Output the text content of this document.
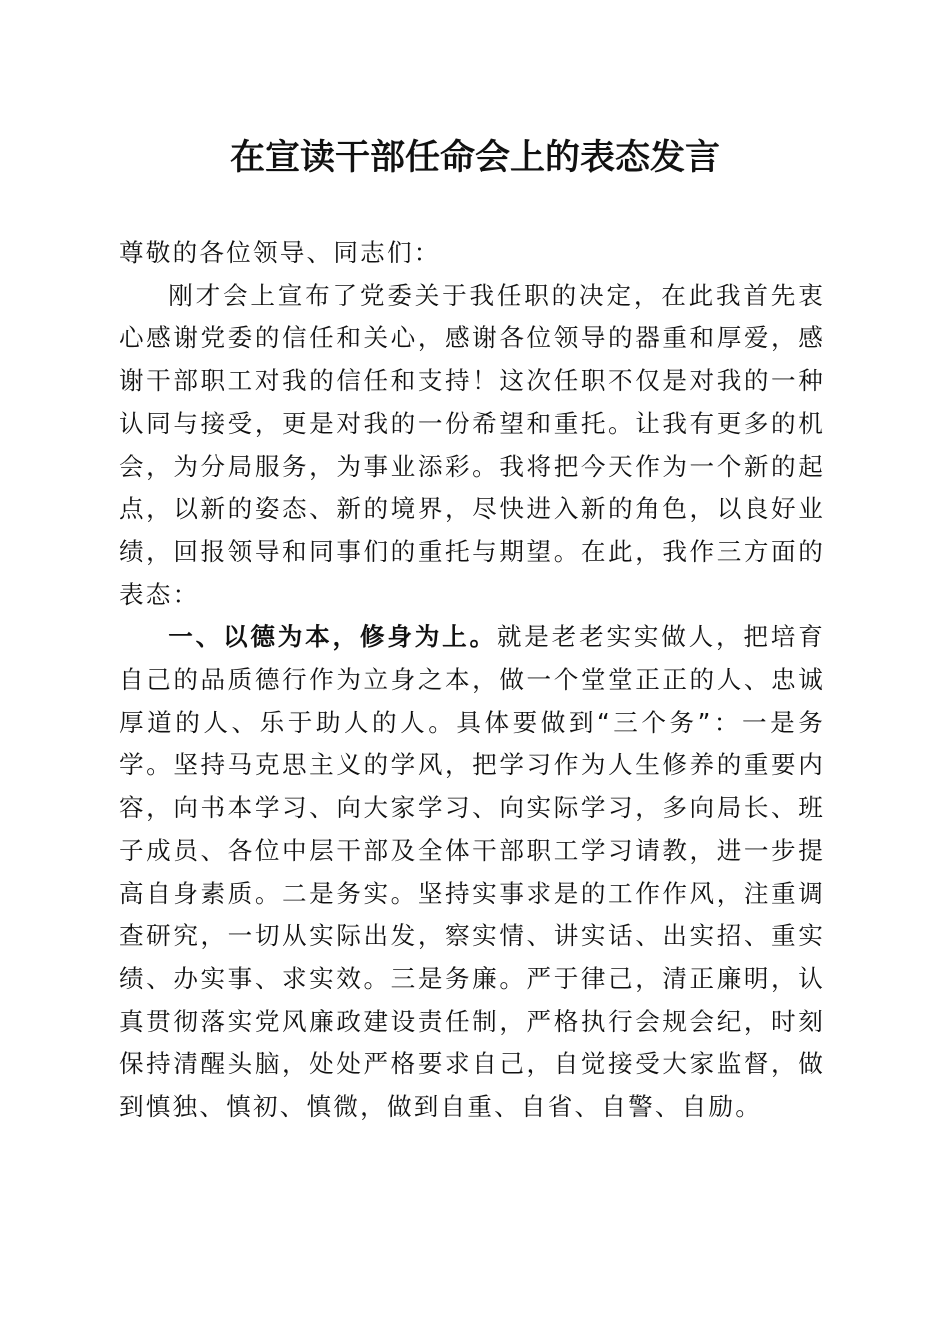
在宣读干部任命会上的表态发言

尊敬的各位领导、同志们：

刚才会上宣布了党委关于我任职的决定，在此我首先衷心感谢党委的信任和关心，感谢各位领导的器重和厚爱，感谢干部职工对我的信任和支持！这次任职不仅是对我的一种认同与接受，更是对我的一份希望和重托。让我有更多的机会，为分局服务，为事业添彩。我将把今天作为一个新的起点，以新的姿态、新的境界，尽快进入新的角色，以良好业绩，回报领导和同事们的重托与期望。在此，我作三方面的表态：

一、以德为本，修身为上。就是老老实实做人，把培育自己的品质德行作为立身之本，做一个堂堂正正的人、忠诚厚道的人、乐于助人的人。具体要做到“三个务”：一是务学。坚持马克思主义的学风，把学习作为人生修养的重要内容，向书本学习、向大家学习、向实际学习，多向局长、班子成员、各位中层干部及全体干部职工学习请教，进一步提高自身素质。二是务实。坚持实事求是的工作作风，注重调查研究，一切从实际出发，察实情、讲实话、出实招、重实绩、办实事、求实效。三是务廉。严于律己，清正廉明，认真贯彻落实党风廉政建设责任制，严格执行会规会纪，时刻保持清醒头脑，处处严格要求自己，自觉接受大家监督，做到慎独、慎初、慎微，做到自重、自省、自警、自励。
